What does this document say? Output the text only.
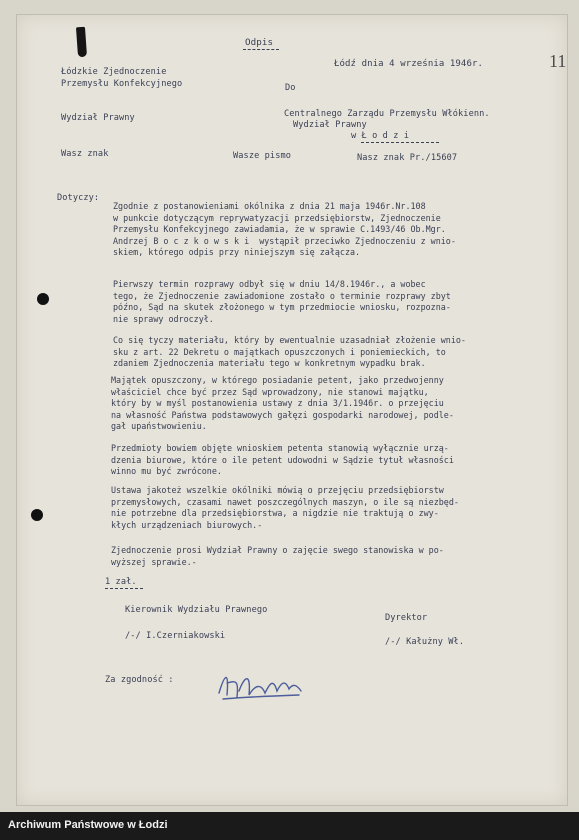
11
Odpis
Łódź dnia 4 września 1946r.
Łódzkie Zjednoczenie
Przemysłu Konfekcyjnego	Do
Centralnego Zarządu Przemysłu Włókienn.
Wydział Prawny
Wydział Prawny
w Ł o d z i
Wasz znak	Wasze pismo	Nasz znak Pr./15607
Dotyczy:
Zgodnie z postanowieniami okólnika z dnia 21 maja 1946r.Nr.108
w punkcie dotyczącym reprywatyzacji przedsiębiorstw, Zjednoczenie
Przemysłu Konfekcyjnego zawiadamia, że w sprawie C.1493/46 Ob.Mgr.
Andrzej B o c z k o w s k i  wystąpił przeciwko Zjednoczeniu z wnio-
skiem, którego odpis przy niniejszym się załącza.
Pierwszy termin rozprawy odbył się w dniu 14/8.1946r., a wobec
tego, że Zjednoczenie zawiadomione zostało o terminie rozprawy zbyt
późno, Sąd na skutek złożonego w tym przedmiocie wniosku, rozpozna-
nie sprawy odroczył.
Co się tyczy materiału, który by ewentualnie uzasadniał złożenie wnio-
sku z art. 22 Dekretu o majątkach opuszczonych i poniemieckich, to
zdaniem Zjednoczenia materiału tego w konkretnym wypadku brak.
Majątek opuszczony, w którego posiadanie petent, jako przedwojenny
właściciel chce być przez Sąd wprowadzony, nie stanowi majątku,
który by w myśl postanowienia ustawy z dnia 3/1.1946r. o przejęciu
na własność Państwa podstawowych gałęzi gospodarki narodowej, podle-
gał upaństwowieniu.
Przedmioty bowiem objęte wnioskiem petenta stanowią wyłącznie urzą-
dzenia biurowe, które o ile petent udowodni w Sądzie tytuł własności
winno mu być zwrócone.
Ustawa jakoteż wszelkie okólniki mówią o przejęciu przedsiębiorstw
przemysłowych, czasami nawet poszczególnych maszyn, o ile są niezbęd-
nie potrzebne dla przedsiębiorstwa, a nigdzie nie traktują o zwy-
kłych urządzeniach biurowych.-
Zjednoczenie prosi Wydział Prawny o zajęcie swego stanowiska w po-
wyższej sprawie.-
1 zał.
Kierownik Wydziału Prawnego
Dyrektor
/-/ I.Czerniakowski
/-/ Kałużny Wł.
Za zgodność :
Archiwum Państwowe w Łodzi
